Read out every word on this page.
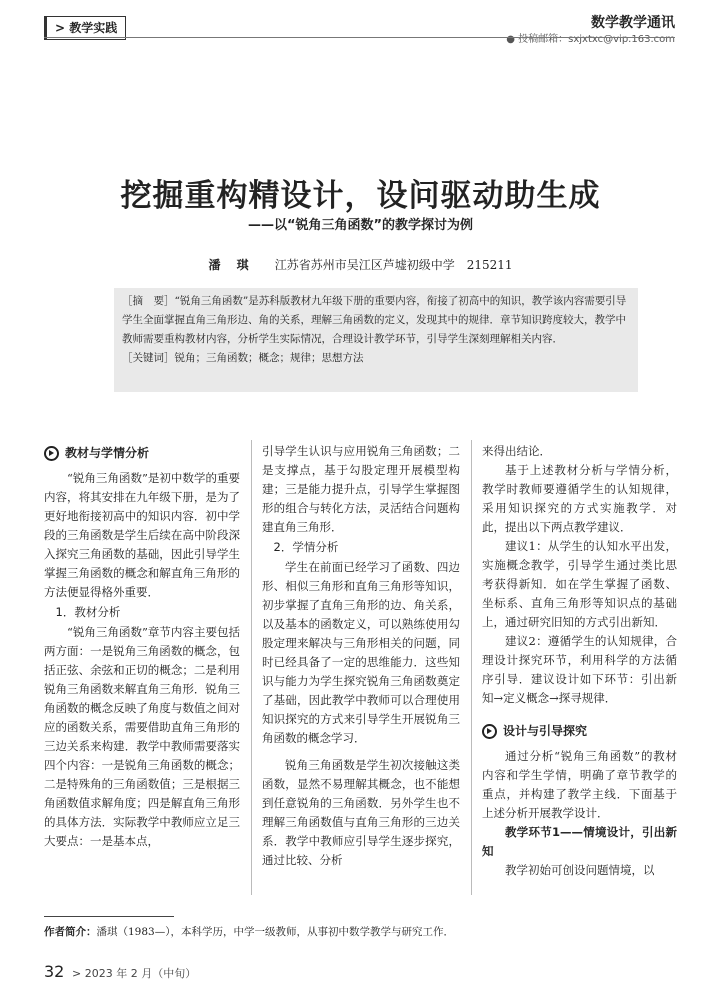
> 教学实践	数学教学通讯
● 投稿邮箱：sxjxtxc@vip.163.com
挖掘重构精设计，设问驱动助生成
——以“锐角三角函数”的教学探讨为例
潘 琪 江苏省苏州市吴江区芦墟初级中学　215211
［摘　要］“锐角三角函数”是苏科版教材九年级下册的重要内容，衔接了初高中的知识，教学该内容需要引导学生全面掌握直角三角形边、角的关系，理解三角函数的定义，发现其中的规律．章节知识跨度较大，教学中教师需要重构教材内容，分析学生实际情况，合理设计教学环节，引导学生深刻理解相关内容．
［关键词］锐角；三角函数；概念；规律；思想方法
教材与学情分析

“锐角三角函数”是初中数学的重要内容，将其安排在九年级下册，是为了更好地衔接初高中的知识内容．初中学段的三角函数是学生后续在高中阶段深入探究三角函数的基础，因此引导学生掌握三角函数的概念和解直角三角形的方法便显得格外重要．

1．教材分析

“锐角三角函数”章节内容主要包括两方面：一是锐角三角函数的概念，包括正弦、余弦和正切的概念；二是利用锐角三角函数来解直角三角形．锐角三角函数的概念反映了角度与数值之间对应的函数关系，需要借助直角三角形的三边关系来构建．教学中教师需要落实四个内容：一是锐角三角函数的概念；二是特殊角的三角函数值；三是根据三角函数值求解角度；四是解直角三角形的具体方法．实际教学中教师应立足三大要点：一是基本点，

引导学生认识与应用锐角三角函数；二是支撑点，基于勾股定理开展模型构建；三是能力提升点，引导学生掌握图形的组合与转化方法，灵活结合问题构建直角三角形．

2．学情分析

学生在前面已经学习了函数、四边形、相似三角形和直角三角形等知识，初步掌握了直角三角形的边、角关系，以及基本的函数定义，可以熟练使用勾股定理来解决与三角形相关的问题，同时已经具备了一定的思维能力．这些知识与能力为学生探究锐角三角函数奠定了基础，因此教学中教师可以合理使用知识探究的方式来引导学生开展锐角三角函数的概念学习．

锐角三角函数是学生初次接触这类函数，显然不易理解其概念，也不能想到任意锐角的三角函数．另外学生也不理解三角函数值与直角三角形的三边关系．教学中教师应引导学生逐步探究，通过比较、分析

来得出结论．

基于上述教材分析与学情分析，教学时教师要遵循学生的认知规律，采用知识探究的方式实施教学．对此，提出以下两点教学建议．

建议1：从学生的认知水平出发，实施概念教学，引导学生通过类比思考获得新知．如在学生掌握了函数、坐标系、直角三角形等知识点的基础上，通过研究旧知的方式引出新知．

建议2：遵循学生的认知规律，合理设计探究环节，利用科学的方法循序引导．建议设计如下环节：引出新知→定义概念→探寻规律．

设计与引导探究

通过分析“锐角三角函数”的教材内容和学生学情，明确了章节教学的重点，并构建了教学主线．下面基于上述分析开展教学设计．

教学环节1——情境设计，引出新知

教学初始可创设问题情境，以

作者简介：潘琪（1983—），本科学历，中学一级教师，从事初中数学教学与研究工作．
32 > 2023 年 2 月（中旬）
